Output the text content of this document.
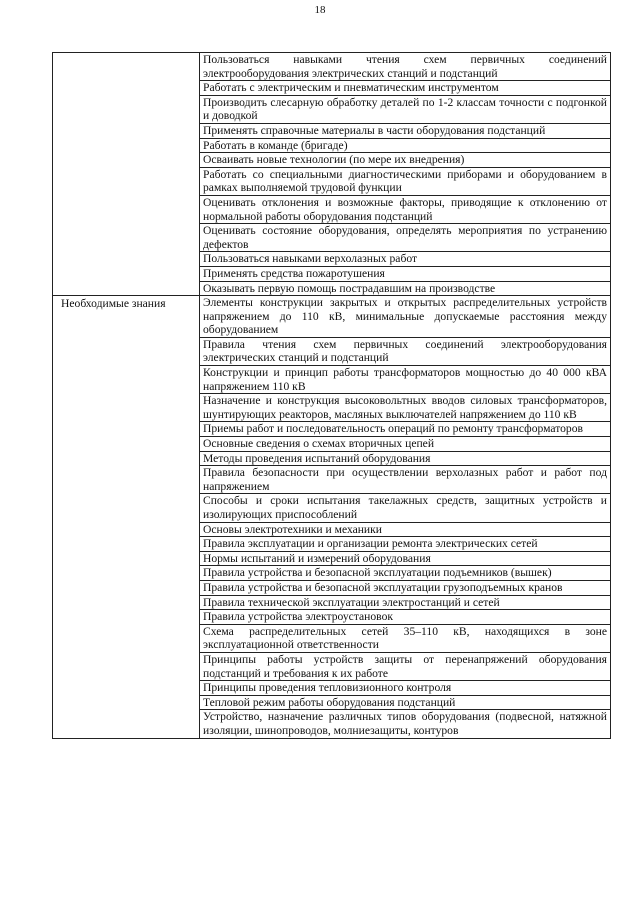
18
	Пользоваться навыками чтения схем первичных соединений электрооборудования электрических станций и подстанций
	Работать с электрическим и пневматическим инструментом
	Производить слесарную обработку деталей по 1-2 классам точности с подгонкой и доводкой
	Применять справочные материалы в части оборудования подстанций
	Работать в команде (бригаде)
	Осваивать новые технологии (по мере их внедрения)
	Работать со специальными диагностическими приборами и оборудованием в рамках выполняемой трудовой функции
	Оценивать отклонения и возможные факторы, приводящие к отклонению от нормальной работы оборудования подстанций
	Оценивать состояние оборудования, определять мероприятия по устранению дефектов
	Пользоваться навыками верхолазных работ
	Применять средства пожаротушения
	Оказывать первую помощь пострадавшим на производстве

Необходимые знания	Элементы конструкции закрытых и открытых распределительных устройств напряжением до 110 кВ, минимальные допускаемые расстояния между оборудованием
	Правила чтения схем первичных соединений электрооборудования электрических станций и подстанций
	Конструкции и принцип работы трансформаторов мощностью до 40 000 кВА напряжением 110 кВ
	Назначение и конструкция высоковольтных вводов силовых трансформаторов, шунтирующих реакторов, масляных выключателей напряжением до 110 кВ
	Приемы работ и последовательность операций по ремонту трансформаторов
	Основные сведения о схемах вторичных цепей
	Методы проведения испытаний оборудования
	Правила безопасности при осуществлении верхолазных работ и работ под напряжением
	Способы и сроки испытания такелажных средств, защитных устройств и изолирующих приспособлений
	Основы электротехники и механики
	Правила эксплуатации и организации ремонта электрических сетей
	Нормы испытаний и измерений оборудования
	Правила устройства и безопасной эксплуатации подъемников (вышек)
	Правила устройства и безопасной эксплуатации грузоподъемных кранов
	Правила технической эксплуатации электростанций и сетей
	Правила устройства электроустановок
	Схема распределительных сетей 35–110 кВ, находящихся в зоне эксплуатационной ответственности
	Принципы работы устройств защиты от перенапряжений оборудования подстанций и требования к их работе
	Принципы проведения тепловизионного контроля
	Тепловой режим работы оборудования подстанций
	Устройство, назначение различных типов оборудования (подвесной, натяжной изоляции, шинопроводов, молниезащиты, контуров
